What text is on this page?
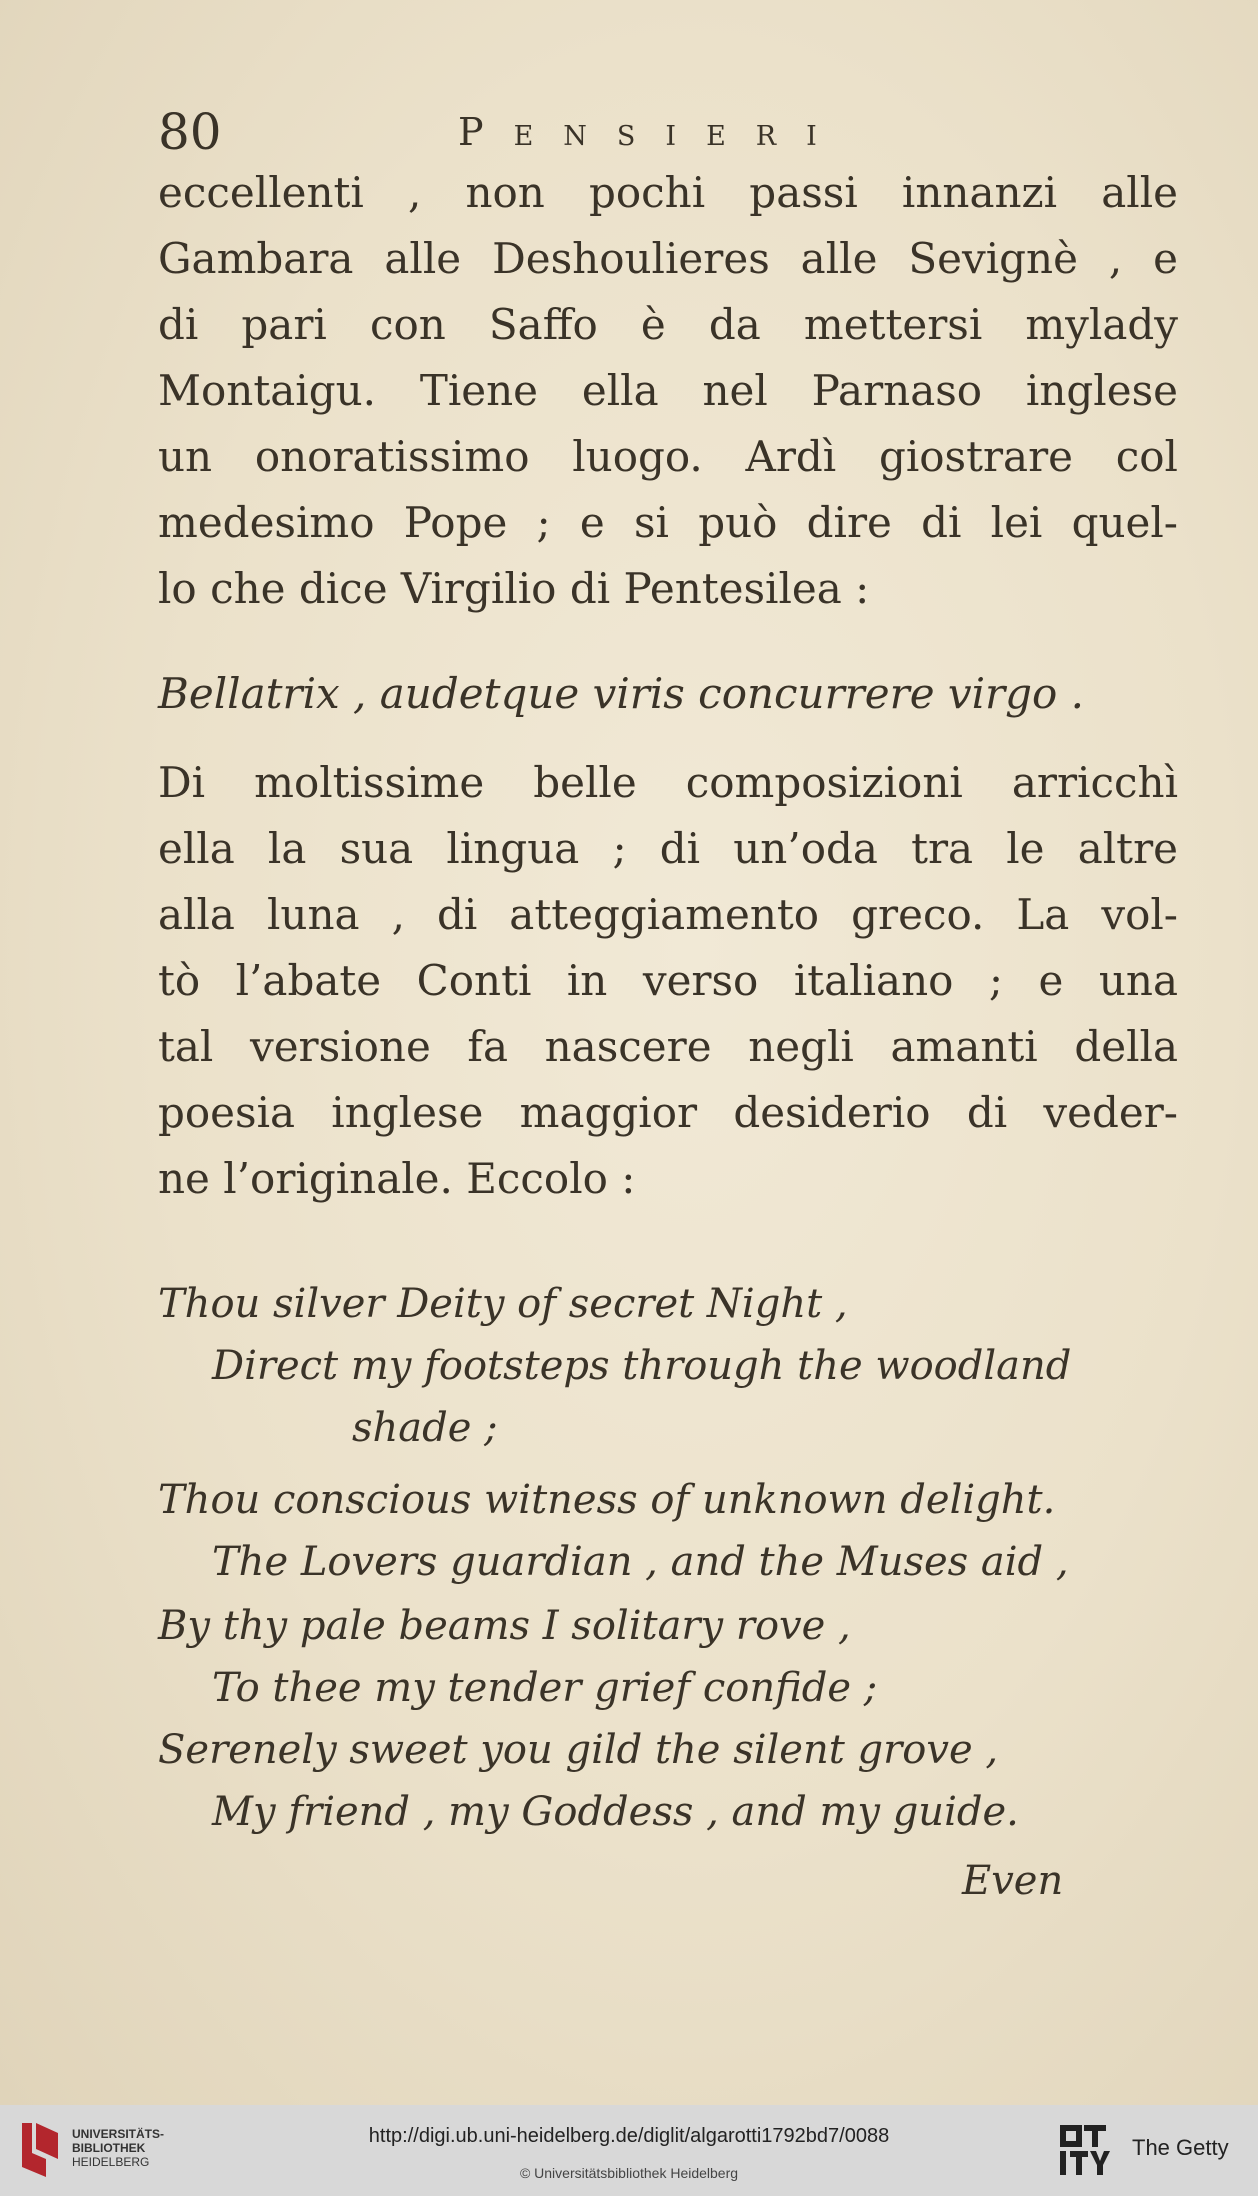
80	Pensieri
eccellenti , non pochi passi innanzi alle
Gambara alle Deshoulieres alle Sevignè , e
di pari con Saffo è da mettersi mylady
Montaigu. Tiene ella nel Parnaso inglese
un onoratissimo luogo. Ardì giostrare col
medesimo Pope ; e si può dire di lei quel-
lo che dice Virgilio di Pentesilea :
Bellatrix , audetque viris concurrere virgo .
Di moltissime belle composizioni arricchì
ella la sua lingua ; di un’oda tra le altre
alla luna , di atteggiamento greco. La vol-
tò l’abate Conti in verso italiano ; e una
tal versione fa nascere negli amanti della
poesia inglese maggior desiderio di veder-
ne l’originale. Eccolo :
Thou silver Deity of secret Night ,
Direct my footsteps through the woodland
shade ;
Thou conscious witness of unknown delight.
The Lovers guardian , and the Muses aid ,
By thy pale beams I solitary rove ,
To thee my tender grief confide ;
Serenely sweet you gild the silent grove ,
My friend , my Goddess , and my guide.
Even
UNIVERSITÄTS-
BIBLIOTHEK
HEIDELBERG
http://digi.ub.uni-heidelberg.de/diglit/algarotti1792bd7/0088
© Universitätsbibliothek Heidelberg
The Getty
